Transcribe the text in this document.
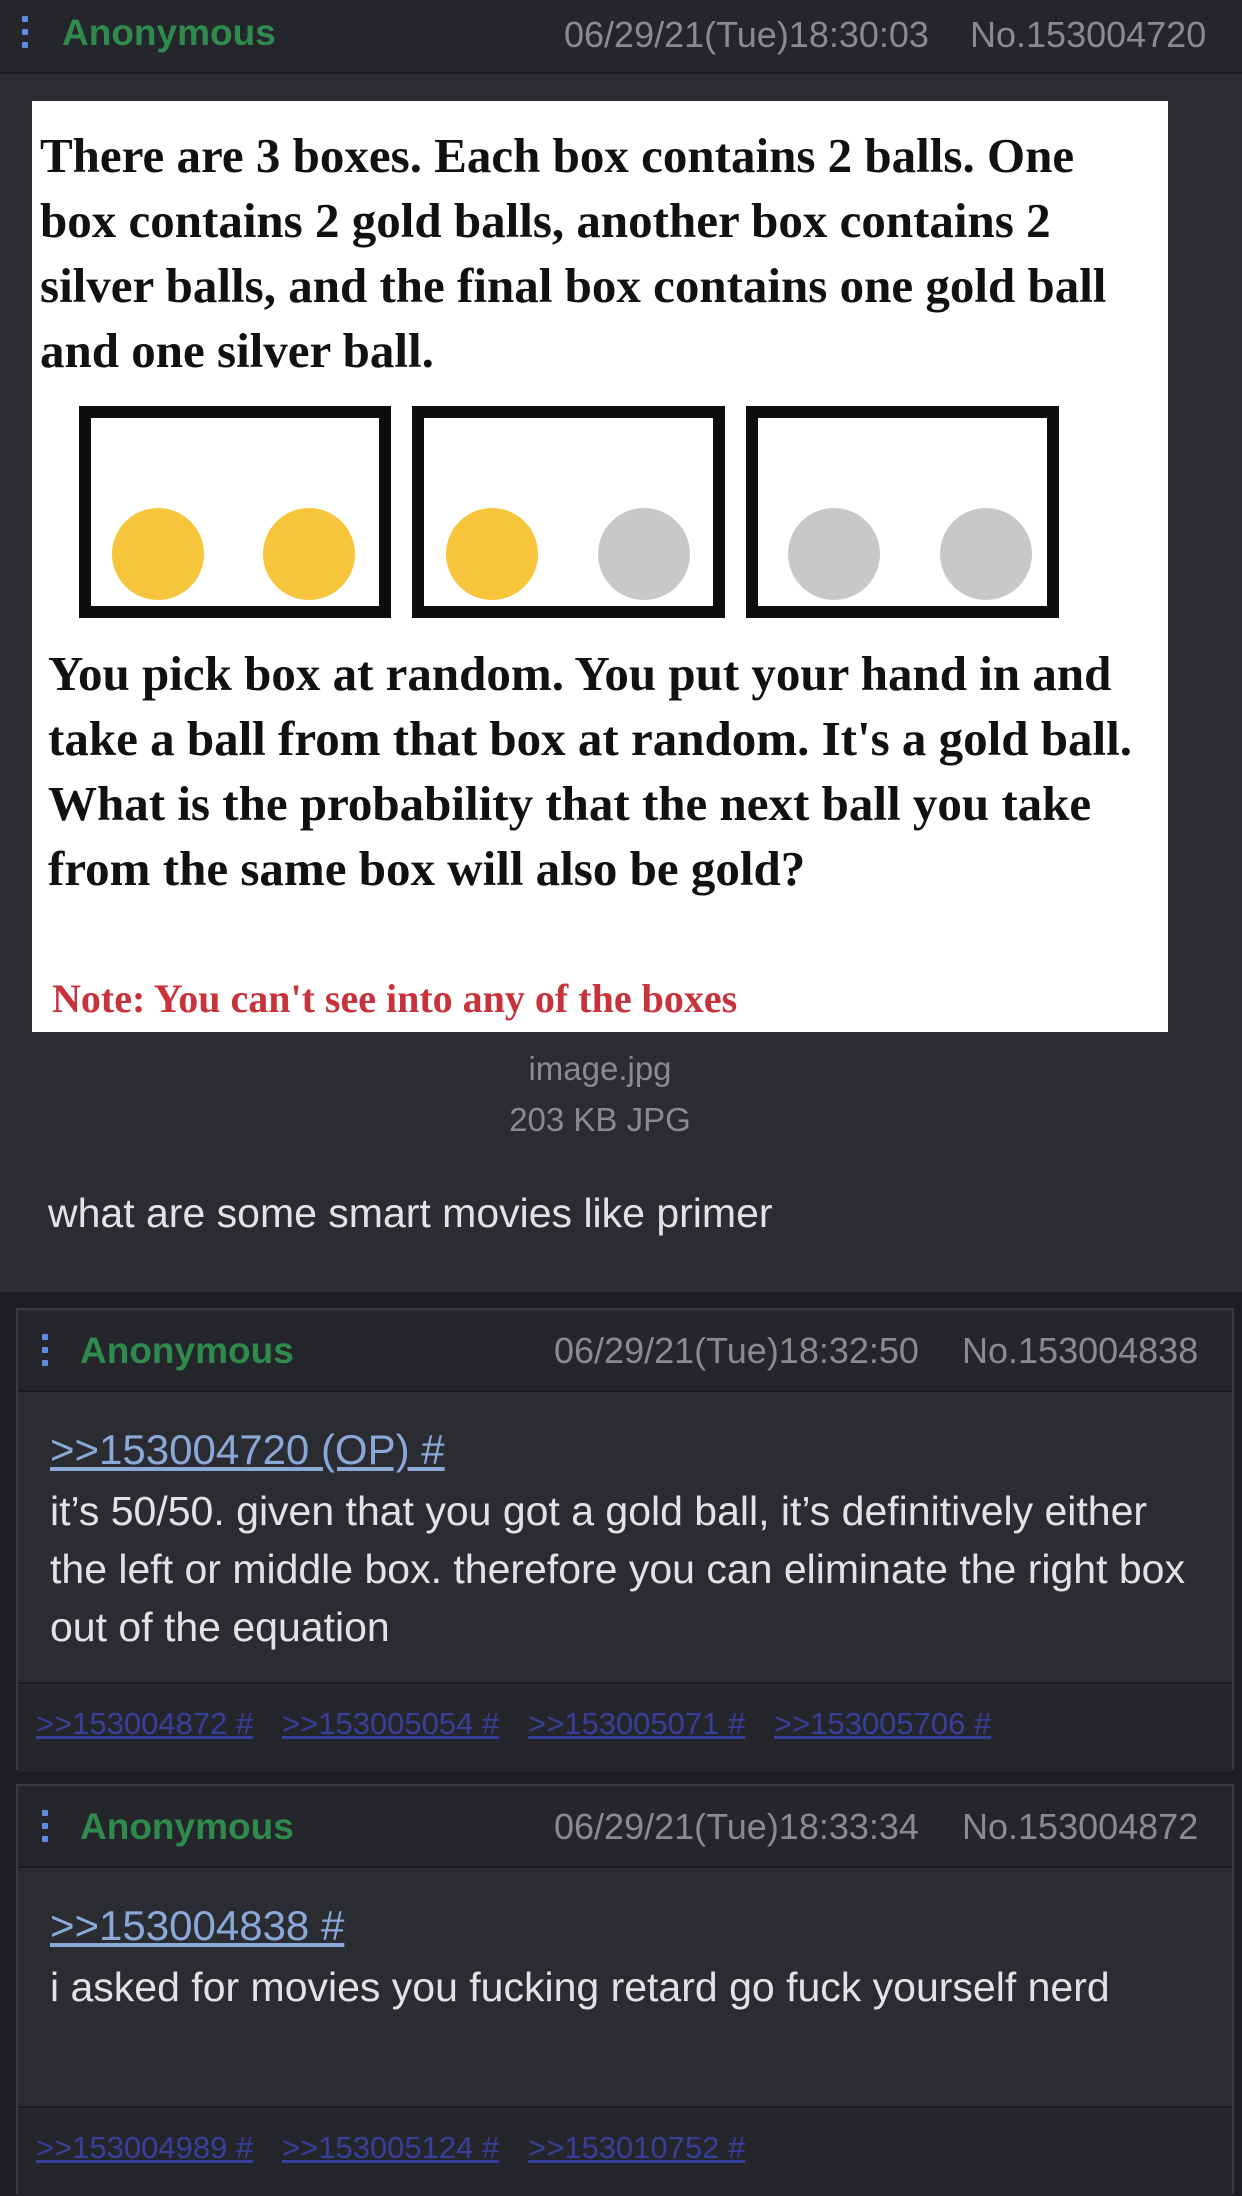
Anonymous	06/29/21(Tue)18:30:03 No.153004720

There are 3 boxes. Each box contains 2 balls. One box contains 2 gold balls, another box contains 2 silver balls, and the final box contains one gold ball and one silver ball.

You pick box at random. You put your hand in and take a ball from that box at random. It's a gold ball. What is the probability that the next ball you take from the same box will also be gold?

Note: You can't see into any of the boxes
image.jpg
203 KB JPG
what are some smart movies like primer
Anonymous	06/29/21(Tue)18:32:50 No.153004838
>>153004720 (OP) #

it’s 50/50. given that you got a gold ball, it’s definitively either the left or middle box. therefore you can eliminate the right box out of the equation

>>153004872 # >>153005054 # >>153005071 # >>153005706 #
Anonymous	06/29/21(Tue)18:33:34 No.153004872
>>153004838 #

i asked for movies you fucking retard go fuck yourself nerd

>>153004989 # >>153005124 # >>153010752 #
